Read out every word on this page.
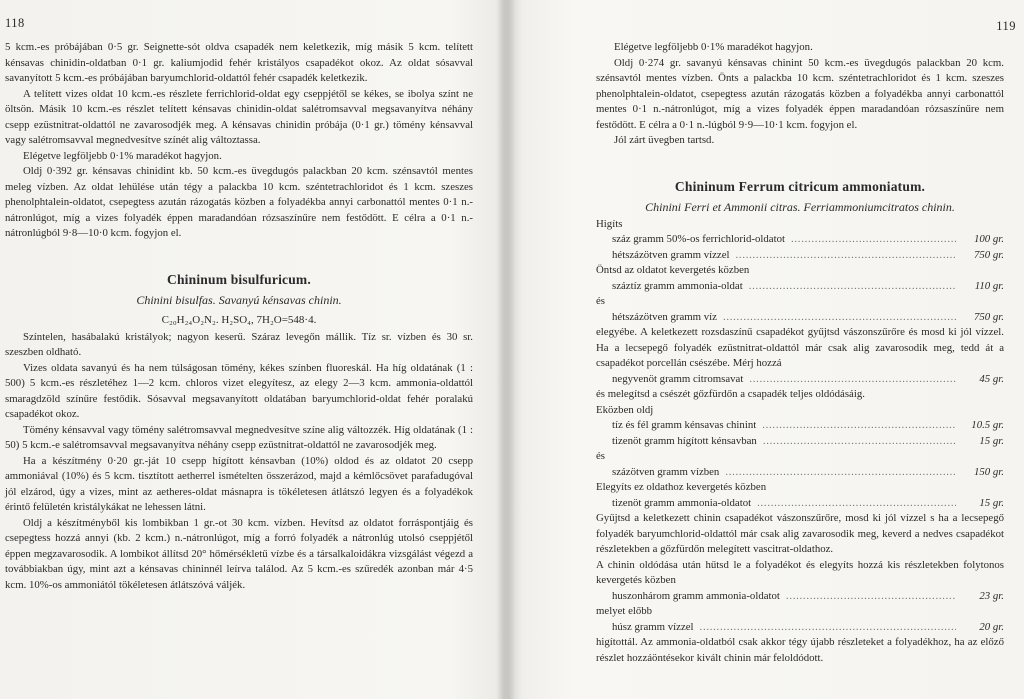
118

5 kcm.-es próbájában 0·5 gr. Seignette-sót oldva csapadék nem keletkezik, míg másik 5 kcm. telített kénsavas chinidin-oldatban 0·1 gr. kaliumjodid fehér kristályos csapadékot okoz. Az oldat sósavval savanyított 5 kcm.-es próbájában baryumchlorid-oldattól fehér csapadék keletkezik.

A telített vizes oldat 10 kcm.-es részlete ferrichlorid-oldat egy cseppjétől se kékes, se ibolya színt ne öltsön. Másik 10 kcm.-es részlet telített kénsavas chinidin-oldat salétromsavval megsavanyítva néhány csepp ezüstnitrat-oldattól ne zavarosodjék meg. A kénsavas chinidin próbája (0·1 gr.) tömény kénsavval vagy salétromsavval megnedvesítve színét alig változtassa.

Elégetve legföljebb 0·1% maradékot hagyjon.

Oldj 0·392 gr. kénsavas chinidint kb. 50 kcm.-es üvegdugós palackban 20 kcm. szénsavtól mentes meleg vízben. Az oldat lehülése után tégy a palackba 10 kcm. széntetrachloridot és 1 kcm. szeszes phenolphtalein-oldatot, csepegtess azután rázogatás közben a folyadékba annyi carbonattól mentes 0·1 n.-nátronlúgot, míg a vizes folyadék éppen maradandóan rózsaszínűre nem festődött. E célra a 0·1 n.-nátronlúgból 9·8—10·0 kcm. fogyjon el.

Chininum bisulfuricum.
Chinini bisulfas. Savanyú kénsavas chinin.
C₂₀H₂₄O₂N₂. H₂SO₄, 7H₂O=548·4.

Színtelen, hasábalakú kristályok; nagyon keserű. Száraz levegőn mállik. Tíz sr. vízben és 30 sr. szeszben oldható.

Vizes oldata savanyú és ha nem túlságosan tömény, kékes színben fluoreskál. Ha híg oldatának (1 : 500) 5 kcm.-es részletéhez 1—2 kcm. chloros vizet elegyítesz, az elegy 2—3 kcm. ammonia-oldattól smaragdzöld színűre festődik. Sósavval megsavanyított oldatában baryumchlorid-oldat fehér poralakú csapadékot okoz.

Tömény kénsavval vagy tömény salétromsavval megnedvesítve színe alig változzék. Híg oldatának (1 : 50) 5 kcm.-e salétromsavval megsavanyítva néhány csepp ezüstnitrat-oldattól ne zavarosodjék meg.

Ha a készítmény 0·20 gr.-ját 10 csepp hígított kénsavban (10%) oldod és az oldatot 20 csepp ammoniával (10%) és 5 kcm. tisztított aetherrel ismételten összerázod, majd a kémlőcsövet parafadugóval jól elzárod, úgy a vizes, mint az aetheres-oldat másnapra is tökéletesen átlátszó legyen és a folyadékok érintő felületén kristálykákat ne lehessen látni.

Oldj a készítményből kis lombikban 1 gr.-ot 30 kcm. vízben. Hevítsd az oldatot forráspontjáig és csepegtess hozzá annyi (kb. 2 kcm.) n.-nátronlúgot, míg a forró folyadék a nátronlúg utolsó cseppjétől éppen megzavarosodik. A lombikot állítsd 20° hőmérsékletű vízbe és a társalkaloidákra vizsgálást végezd a továbbiakban úgy, mint azt a kénsavas chininnél leírva találod. Az 5 kcm.-es szűredék azonban már 4·5 kcm. 10%-os ammoniától tökéletesen átlátszóvá váljék.

119

Elégetve legföljebb 0·1% maradékot hagyjon.

Oldj 0·274 gr. savanyú kénsavas chinint 50 kcm.-es üvegdugós palackban 20 kcm. szénsavtól mentes vízben. Önts a palackba 10 kcm. széntetrachloridot és 1 kcm. szeszes phenolphtalein-oldatot, csepegtess azután rázogatás közben a folyadékba annyi carbonattól mentes 0·1 n.-nátronlúgot, míg a vizes folyadék éppen maradandóan rózsaszínűre nem festődött. E célra a 0·1 n.-lúgból 9·9—10·1 kcm. fogyjon el.

Jól zárt üvegben tartsd.

Chininum Ferrum citricum ammoniatum.
Chinini Ferri et Ammonii citras. Ferriammoniumcitratos chinin.

Higíts

száz gramm 50%-os ferrichlorid-oldatot . . .	100 gr.
hétszázötven gramm vízzel . . .	750 gr.

Öntsd az oldatot kevergetés közben

száztíz gramm ammonia-oldat . . .	110 gr.

és

hétszázötven gramm víz . . .	750 gr.

elegyébe. A keletkezett rozsdaszínű csapadékot gyűjtsd vászonszűrőre és mosd ki jól vízzel. Ha a lecsepegő folyadék ezüstnitrat-oldattól már csak alig zavarosodik meg, tedd át a csapadékot porcellán csészébe. Mérj hozzá

negyvenöt gramm citromsavat . . .	45 gr.

és melegítsd a csészét gőzfürdőn a csapadék teljes oldódásáig.

Eközben oldj

tíz és fél gramm kénsavas chinint . . .	10.5 gr.
tizenöt gramm hígított kénsavban . . .	15 gr.

és

százötven gramm vízben . . .	150 gr.

Elegyíts ez oldathoz kevergetés közben

tizenöt gramm ammonia-oldatot . . .	15 gr.

Gyűjtsd a keletkezett chinin csapadékot vászonszűrőre, mosd ki jól vízzel s ha a lecsepegő folyadék baryumchlorid-oldattól már csak alig zavarosodik meg, keverd a nedves csapadékot részletekben a gőzfürdőn melegített vascitrat-oldathoz.

A chinin oldódása után hűtsd le a folyadékot és elegyíts hozzá kis részletekben folytonos kevergetés közben

huszonhárom gramm ammonia-oldatot . . .	23 gr.

melyet előbb

húsz gramm vízzel . . .	20 gr.

higítottál. Az ammonia-oldatból csak akkor tégy újabb részleteket a folyadékhoz, ha az előző részlet hozzáöntésekor kivált chinin már feloldódott.
